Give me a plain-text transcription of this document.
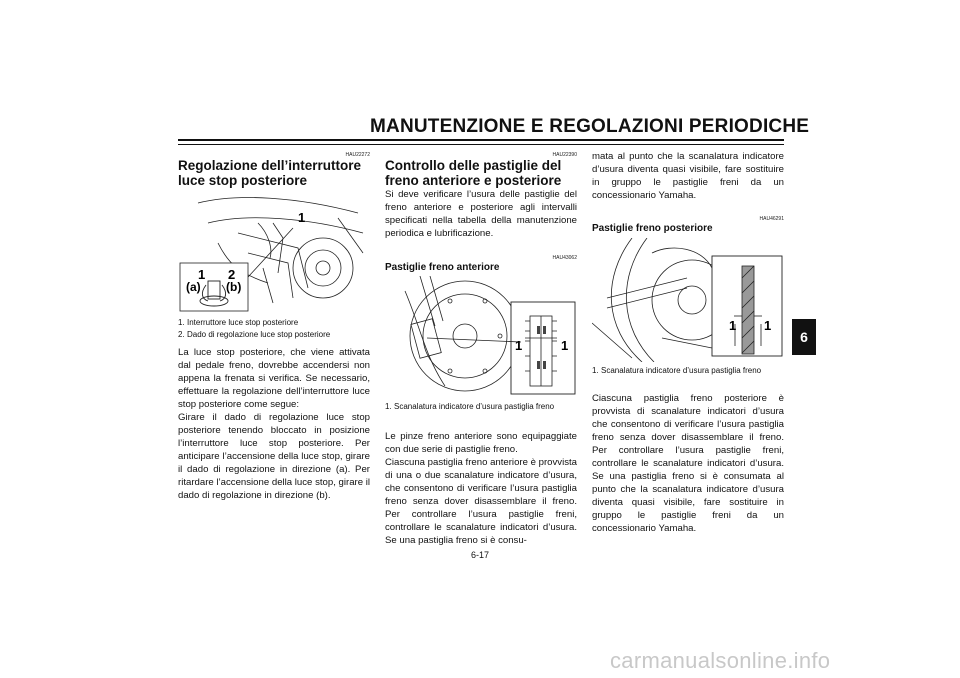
MANUTENZIONE E REGOLAZIONI PERIODICHE
HAU22272
Regolazione dell’interruttore luce stop posteriore
1
1 2
(a) (b)
1. Interruttore luce stop posteriore
2. Dado di regolazione luce stop posteriore
La luce stop posteriore, che viene attivata dal pedale freno, dovrebbe accendersi non appena la frenata si verifica. Se necessario, effettuare la regolazione dell’interruttore luce stop posteriore come segue:
Girare il dado di regolazione luce stop posteriore tenendo bloccato in posizione l’interruttore luce stop posteriore. Per anticipare l’accensione della luce stop, girare il dado di regolazione in direzione (a). Per ritardare l’accensione della luce stop, girare il dado di regolazione in direzione (b).
HAU22390
Controllo delle pastiglie del freno anteriore e posteriore
Si deve verificare l’usura delle pastiglie del freno anteriore e posteriore agli intervalli specificati nella tabella della manutenzione periodica e lubrificazione.
HAU43062
Pastiglie freno anteriore
1	1
1. Scanalatura indicatore d’usura pastiglia freno
Le pinze freno anteriore sono equipaggiate con due serie di pastiglie freno.
Ciascuna pastiglia freno anteriore è provvista di una o due scanalature indicatore d’usura, che consentono di verificare l’usura pastiglia freno senza dover disassemblare il freno. Per controllare l’usura pastiglie freni, controllare le scanalature indicatori d’usura. Se una pastiglia freno si è consu-
mata al punto che la scanalatura indicatore d’usura diventa quasi visibile, fare sostituire in gruppo le pastiglie freni da un concessionario Yamaha.
HAU46291
Pastiglie freno posteriore
1 1
1. Scanalatura indicatore d’usura pastiglia freno
Ciascuna pastiglia freno posteriore è provvista di scanalature indicatori d’usura che consentono di verificare l’usura pastiglia freno senza dover disassemblare il freno. Per controllare l’usura pastiglie freni, controllare le scanalature indicatori d’usura. Se una pastiglia freno si è consumata al punto che la scanalatura indicatore d’usura diventa quasi visibile, fare sostituire in gruppo le pastiglie freni da un concessionario Yamaha.
6
6-17
carmanualsonline.info
